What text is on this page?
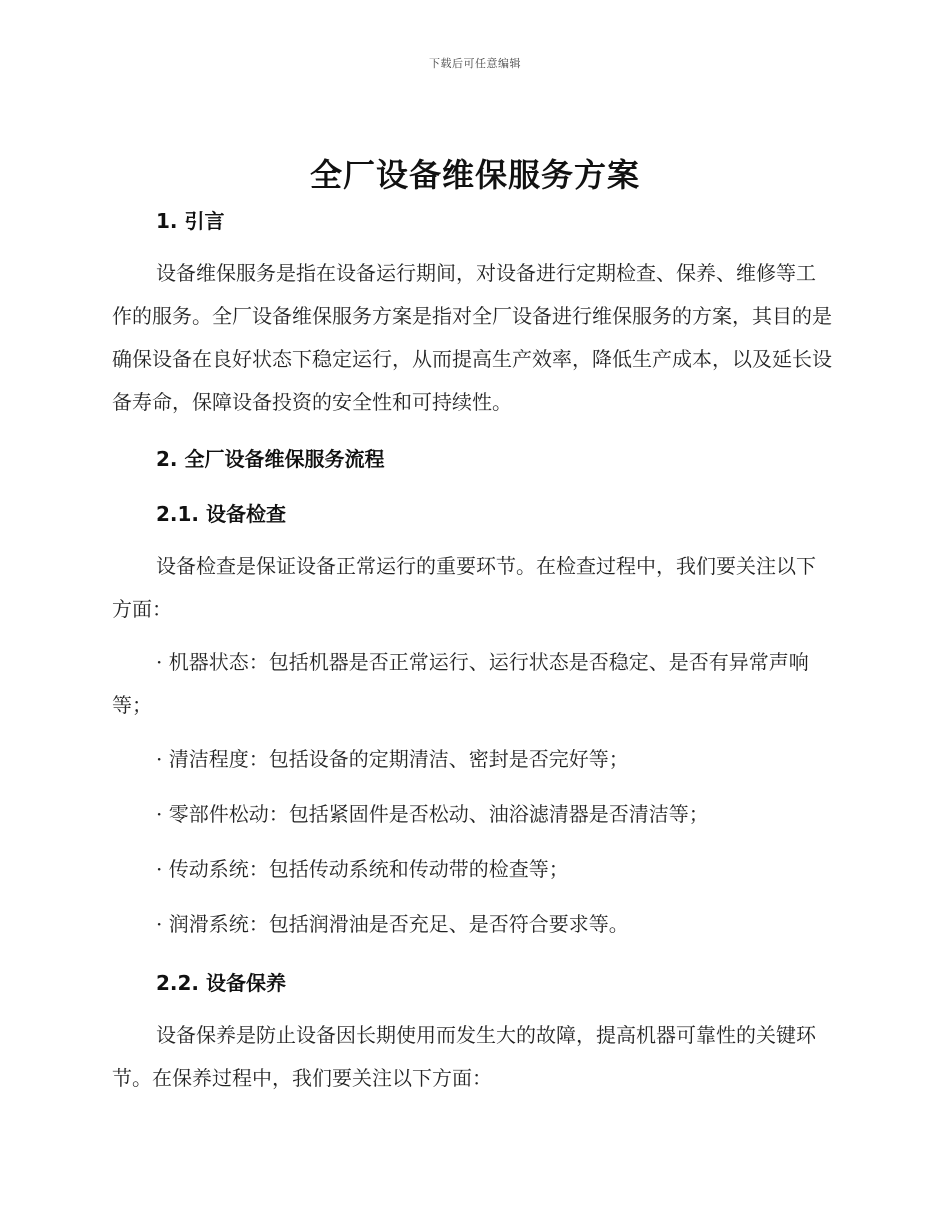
下载后可任意编辑
全厂设备维保服务方案
1. 引言

设备维保服务是指在设备运行期间，对设备进行定期检查、保养、维修等工作的服务。全厂设备维保服务方案是指对全厂设备进行维保服务的方案，其目的是确保设备在良好状态下稳定运行，从而提高生产效率，降低生产成本，以及延长设备寿命，保障设备投资的安全性和可持续性。

2. 全厂设备维保服务流程
2.1. 设备检查

设备检查是保证设备正常运行的重要环节。在检查过程中，我们要关注以下方面：

· 机器状态：包括机器是否正常运行、运行状态是否稳定、是否有异常声响等；

· 清洁程度：包括设备的定期清洁、密封是否完好等；

· 零部件松动：包括紧固件是否松动、油浴滤清器是否清洁等；

· 传动系统：包括传动系统和传动带的检查等；

· 润滑系统：包括润滑油是否充足、是否符合要求等。

2.2. 设备保养

设备保养是防止设备因长期使用而发生大的故障，提高机器可靠性的关键环节。在保养过程中，我们要关注以下方面：
